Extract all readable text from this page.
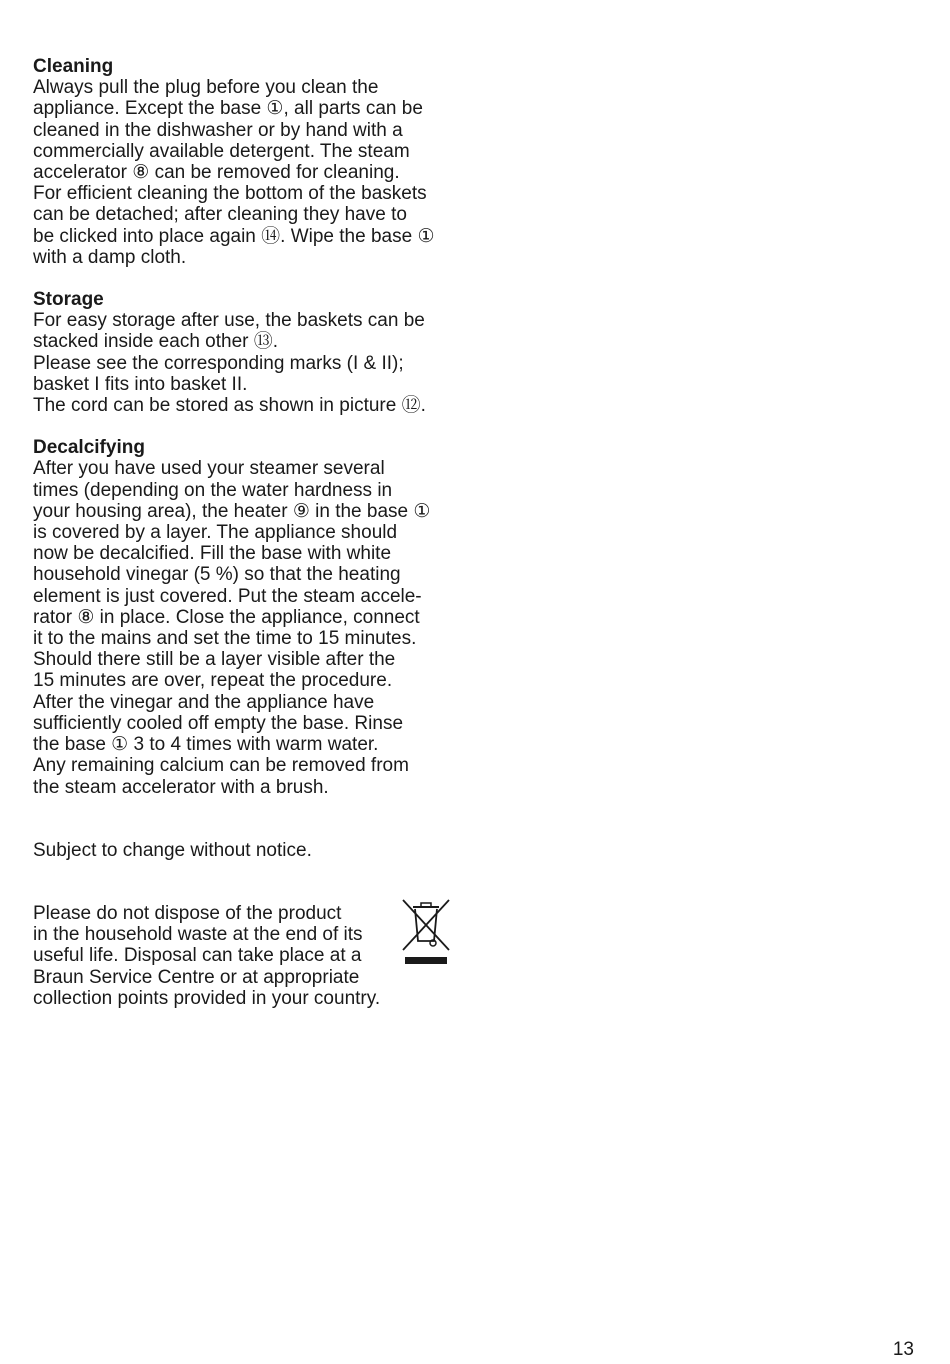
Cleaning
Always pull the plug before you clean the
appliance. Except the base ①, all parts can be
cleaned in the dishwasher or by hand with a
commercially available detergent. The steam
accelerator ⑧ can be removed for cleaning.
For efficient cleaning the bottom of the baskets
can be detached; after cleaning they have to
be clicked into place again ⑭. Wipe the base ①
with a damp cloth.
Storage
For easy storage after use, the baskets can be
stacked inside each other ⑬.
Please see the corresponding marks (I & II);
basket I fits into basket II.
The cord can be stored as shown in picture ⑫.
Decalcifying
After you have used your steamer several
times (depending on the water hardness in
your housing area), the heater ⑨ in the base ①
is covered by a layer. The appliance should
now be decalcified. Fill the base with white
household vinegar (5 %) so that the heating
element is just covered. Put the steam accele-
rator ⑧ in place. Close the appliance, connect
it to the mains and set the time to 15 minutes.
Should there still be a layer visible after the
15 minutes are over, repeat the procedure.
After the vinegar and the appliance have
sufficiently cooled off empty the base. Rinse
the base ① 3 to 4 times with warm water.
Any remaining calcium can be removed from
the steam accelerator with a brush.
Subject to change without notice.
Please do not dispose of the product
in the household waste at the end of its
useful life. Disposal can take place at a
Braun Service Centre or at appropriate
collection points provided in your country.
13
